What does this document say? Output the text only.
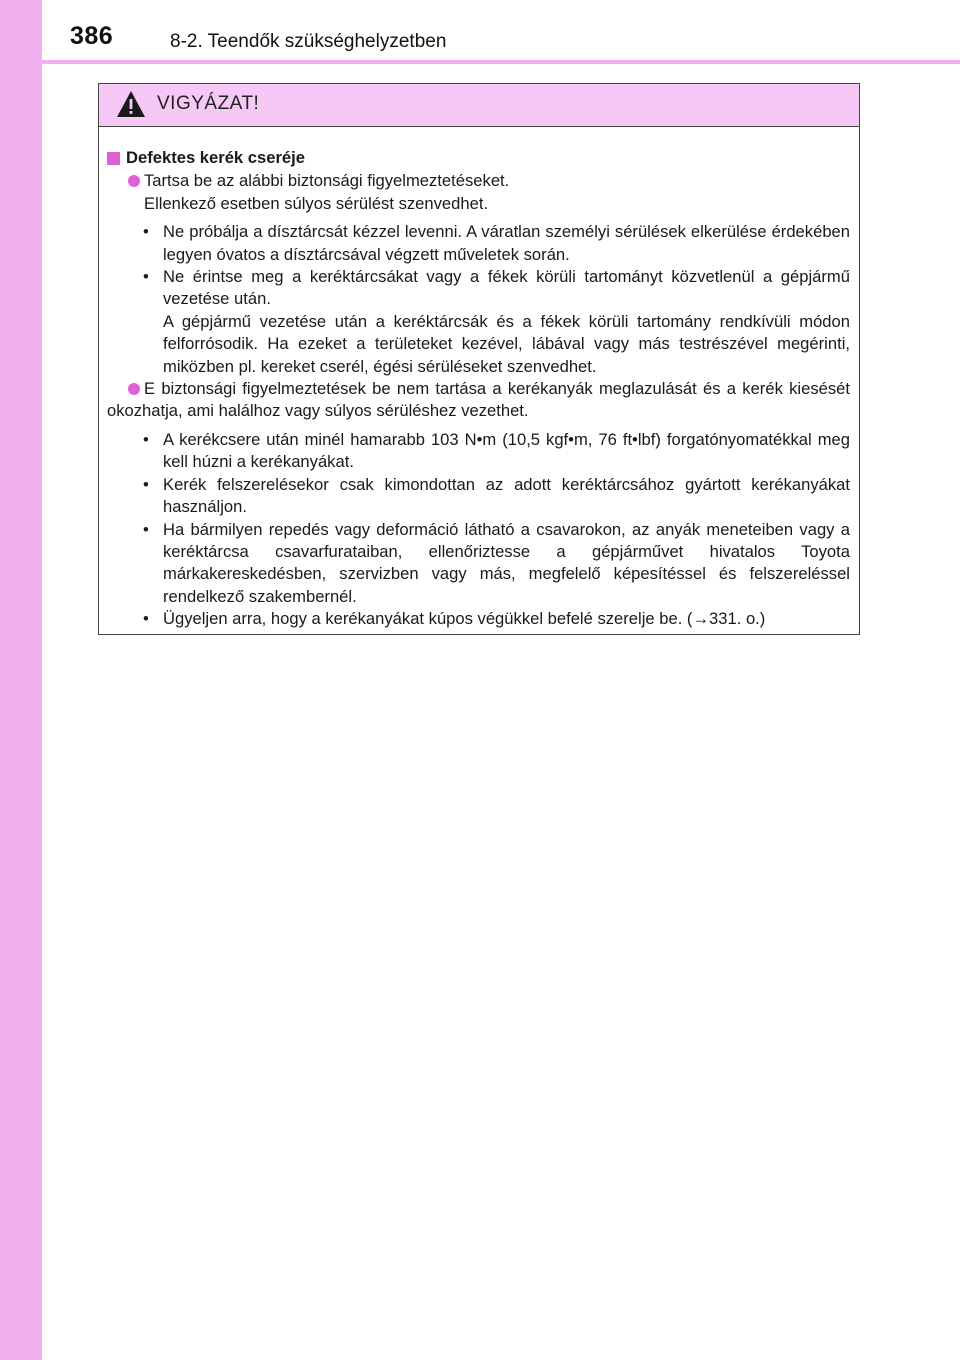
386	8-2. Teendők szükséghelyzetben
VIGYÁZAT!
Defektes kerék cseréje
Tartsa be az alábbi biztonsági figyelmeztetéseket.
Ellenkező esetben súlyos sérülést szenvedhet.
• Ne próbálja a dísztárcsát kézzel levenni. A váratlan személyi sérülések elkerülése érdekében legyen óvatos a dísztárcsával végzett műveletek során.
• Ne érintse meg a keréktárcsákat vagy a fékek körüli tartományt közvetlenül a gépjármű vezetése után.
A gépjármű vezetése után a keréktárcsák és a fékek körüli tartomány rendkívüli módon felforrósodik. Ha ezeket a területeket kezével, lábával vagy más testrészével megérinti, miközben pl. kereket cserél, égési sérüléseket szenvedhet.
E biztonsági figyelmeztetések be nem tartása a kerékanyák meglazulását és a kerék kiesését okozhatja, ami halálhoz vagy súlyos sérüléshez vezethet.
• A kerékcsere után minél hamarabb 103 N•m (10,5 kgf•m, 76 ft•lbf) forgatónyomatékkal meg kell húzni a kerékanyákat.
• Kerék felszerelésekor csak kimondottan az adott keréktárcsához gyártott kerékanyákat használjon.
• Ha bármilyen repedés vagy deformáció látható a csavarokon, az anyák meneteiben vagy a keréktárcsa csavarfurataiban, ellenőriztesse a gépjárművet hivatalos Toyota márkakereskedésben, szervizben vagy más, megfelelő képesítéssel és felszereléssel rendelkező szakembernél.
• Ügyeljen arra, hogy a kerékanyákat kúpos végükkel befelé szerelje be. (→331. o.)
